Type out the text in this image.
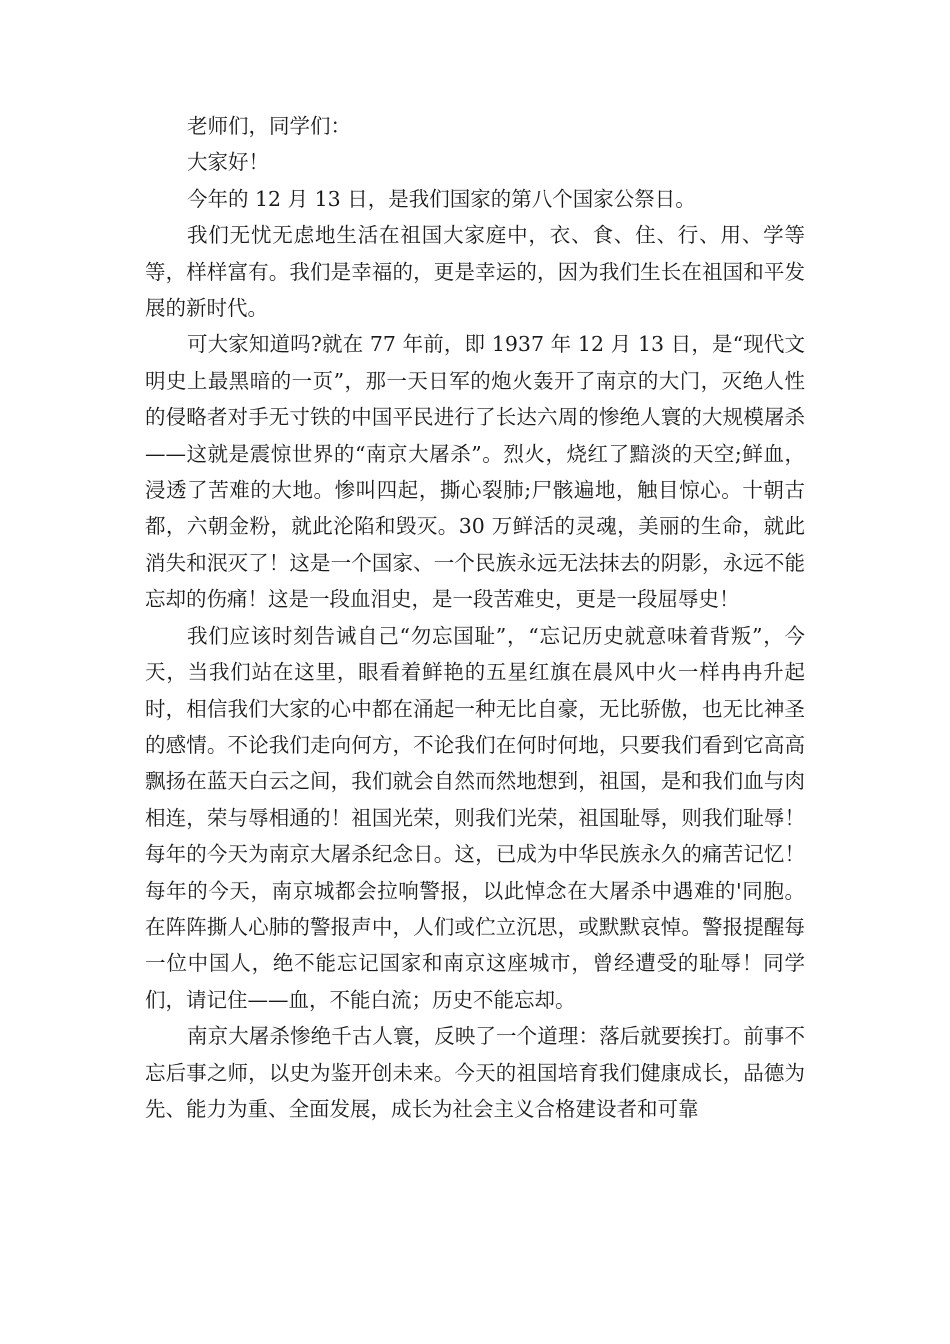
老师们，同学们：

大家好！

今年的 12 月 13 日，是我们国家的第八个国家公祭日。

我们无忧无虑地生活在祖国大家庭中，衣、食、住、行、用、学等等，样样富有。我们是幸福的，更是幸运的，因为我们生长在祖国和平发展的新时代。

可大家知道吗?就在 77 年前，即 1937 年 12 月 13 日，是“现代文明史上最黑暗的一页”，那一天日军的炮火轰开了南京的大门，灭绝人性的侵略者对手无寸铁的中国平民进行了长达六周的惨绝人寰的大规模屠杀——这就是震惊世界的“南京大屠杀”。烈火，烧红了黯淡的天空;鲜血，浸透了苦难的大地。惨叫四起，撕心裂肺;尸骸遍地，触目惊心。十朝古都，六朝金粉，就此沦陷和毁灭。30 万鲜活的灵魂，美丽的生命，就此消失和泯灭了！这是一个国家、一个民族永远无法抹去的阴影，永远不能忘却的伤痛！这是一段血泪史，是一段苦难史，更是一段屈辱史！

我们应该时刻告诫自己“勿忘国耻”，“忘记历史就意味着背叛”，今天，当我们站在这里，眼看着鲜艳的五星红旗在晨风中火一样冉冉升起时，相信我们大家的心中都在涌起一种无比自豪，无比骄傲，也无比神圣的感情。不论我们走向何方，不论我们在何时何地，只要我们看到它高高飘扬在蓝天白云之间，我们就会自然而然地想到，祖国，是和我们血与肉相连，荣与辱相通的！祖国光荣，则我们光荣，祖国耻辱，则我们耻辱！每年的今天为南京大屠杀纪念日。这，已成为中华民族永久的痛苦记忆！每年的今天，南京城都会拉响警报，以此悼念在大屠杀中遇难的'同胞。在阵阵撕人心肺的警报声中，人们或伫立沉思，或默默哀悼。警报提醒每一位中国人，绝不能忘记国家和南京这座城市，曾经遭受的耻辱！同学们，请记住——血，不能白流；历史不能忘却。

南京大屠杀惨绝千古人寰，反映了一个道理：落后就要挨打。前事不忘后事之师，以史为鉴开创未来。今天的祖国培育我们健康成长，品德为先、能力为重、全面发展，成长为社会主义合格建设者和可靠
